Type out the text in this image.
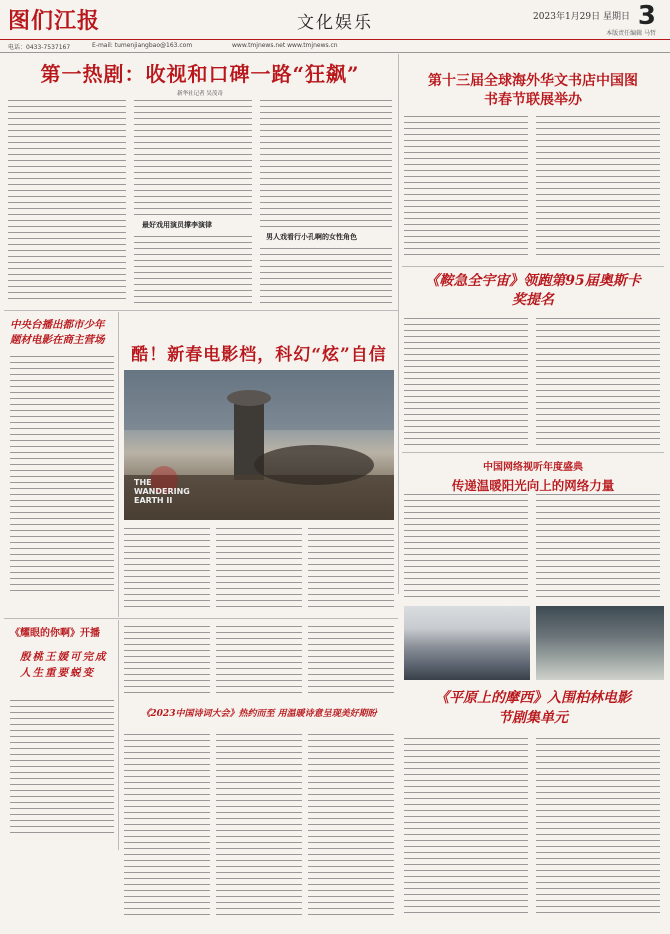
图们江报	文化娱乐	2023年1月29日 星期日 3
本版责任编辑 马哲
电话：0433-7537167	E-mail: tumenjiangbao@163.com	www.tmjnews.net www.tmjnews.cn
第一热剧：收视和口碑一路“狂飙”
新华社记者 吴茂奇
最好戏用演员撑李演律
男人戏看行小孔啊的女性角色
第十三届全球海外华文书店中国图书春节联展举办
《鞍急全宇宙》领跑第95届奥斯卡奖提名
中央台播出都市少年题材电影在商主营场
酷！新春电影档，科幻“炫”自信
THE WANDERING EARTH II
中国网络视听年度盛典
传递温暖阳光向上的网络力量
《耀眼的你啊》开播
殷桃王媛可完成人生重要蜕变
《平原上的摩西》入围柏林电影节剧集单元
《2023中国诗词大会》热约而至 用温暖诗意呈现美好期盼
